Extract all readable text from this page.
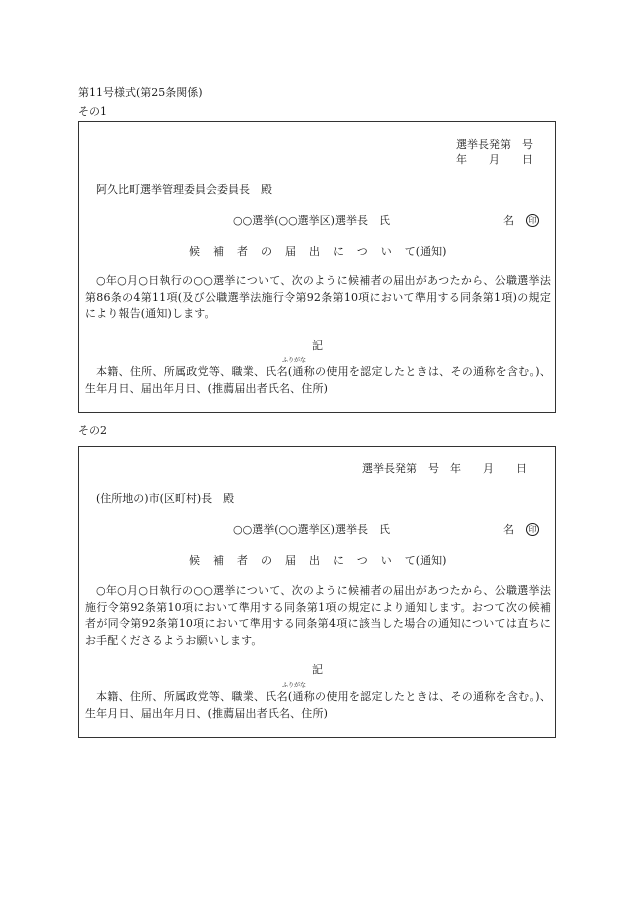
第11号様式(第25条関係)
その1
選挙長発第　号
年　　月　　日
阿久比町選挙管理委員会委員長　殿
○○選挙(○○選挙区)選挙長　氏	名	印
候補者の届出について(通知)
○年○月○日執行の○○選挙について、次のように候補者の届出があつたから、公職選挙法第86条の4第11項(及び公職選挙法施行令第92条第10項において準用する同条第1項)の規定により報告(通知)します。
記
ふりがな
本籍、住所、所属政党等、職業、氏名(通称の使用を認定したときは、その通称を含む。)、生年月日、届出年月日、(推薦届出者氏名、住所)
その2
選挙長発第　号　年　　月　　日
(住所地の)市(区町村)長　殿
○○選挙(○○選挙区)選挙長　氏	名	印
候補者の届出について(通知)
○年○月○日執行の○○選挙について、次のように候補者の届出があつたから、公職選挙法施行令第92条第10項において準用する同条第1項の規定により通知します。おつて次の候補者が同令第92条第10項において準用する同条第4項に該当した場合の通知については直ちにお手配くださるようお願いします。
記
ふりがな
本籍、住所、所属政党等、職業、氏名(通称の使用を認定したときは、その通称を含む。)、生年月日、届出年月日、(推薦届出者氏名、住所)
